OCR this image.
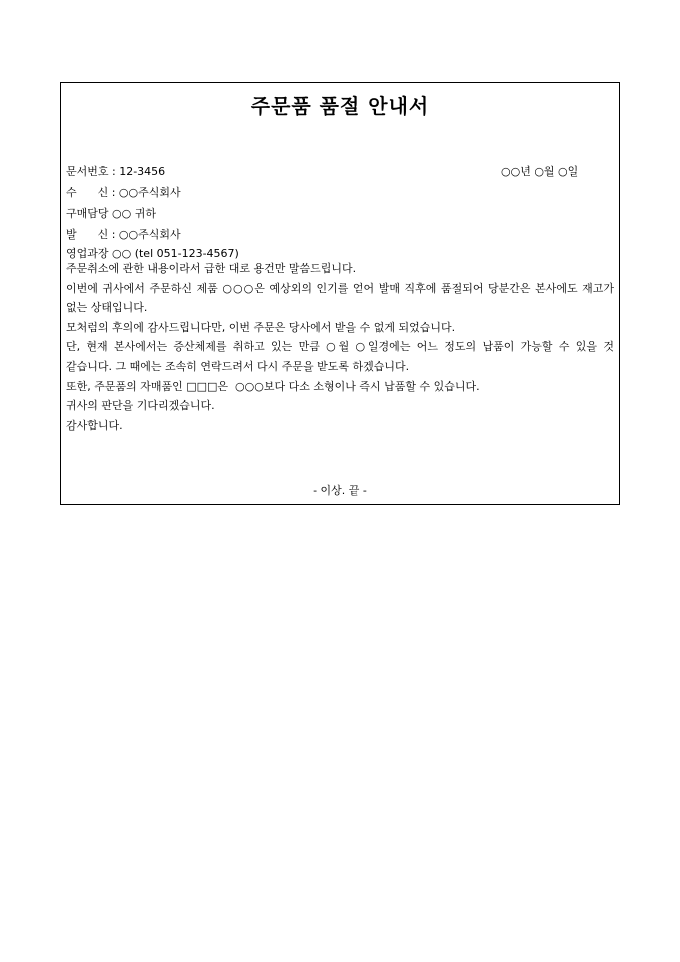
주문품 품절 안내서
문서번호 : 12-3456	○○년 ○월 ○일
수      신 : ○○주식회사
구매담당 ○○ 귀하
발      신 : ○○주식회사
영업과장 ○○ (tel 051-123-4567)
주문취소에 관한 내용이라서 급한 대로 용건만 말씀드립니다.
이번에 귀사에서 주문하신 제품 ○○○은 예상외의 인기를 얻어 발매 직후에 품절되어 당분간은 본사에도 재고가 없는 상태입니다.
모처럼의 후의에 감사드립니다만, 이번 주문은 당사에서 받을 수 없게 되었습니다.
단, 현재 본사에서는 증산체제를 취하고 있는 만큼 ○월 ○일경에는 어느 정도의 납품이 가능할 수 있을 것 같습니다. 그 때에는 조속히 연락드려서 다시 주문을 받도록 하겠습니다.
또한, 주문품의 자매품인 □□□은  ○○○보다 다소 소형이나 즉시 납품할 수 있습니다.
귀사의 판단을 기다리겠습니다.
감사합니다.
- 이상. 끝 -
